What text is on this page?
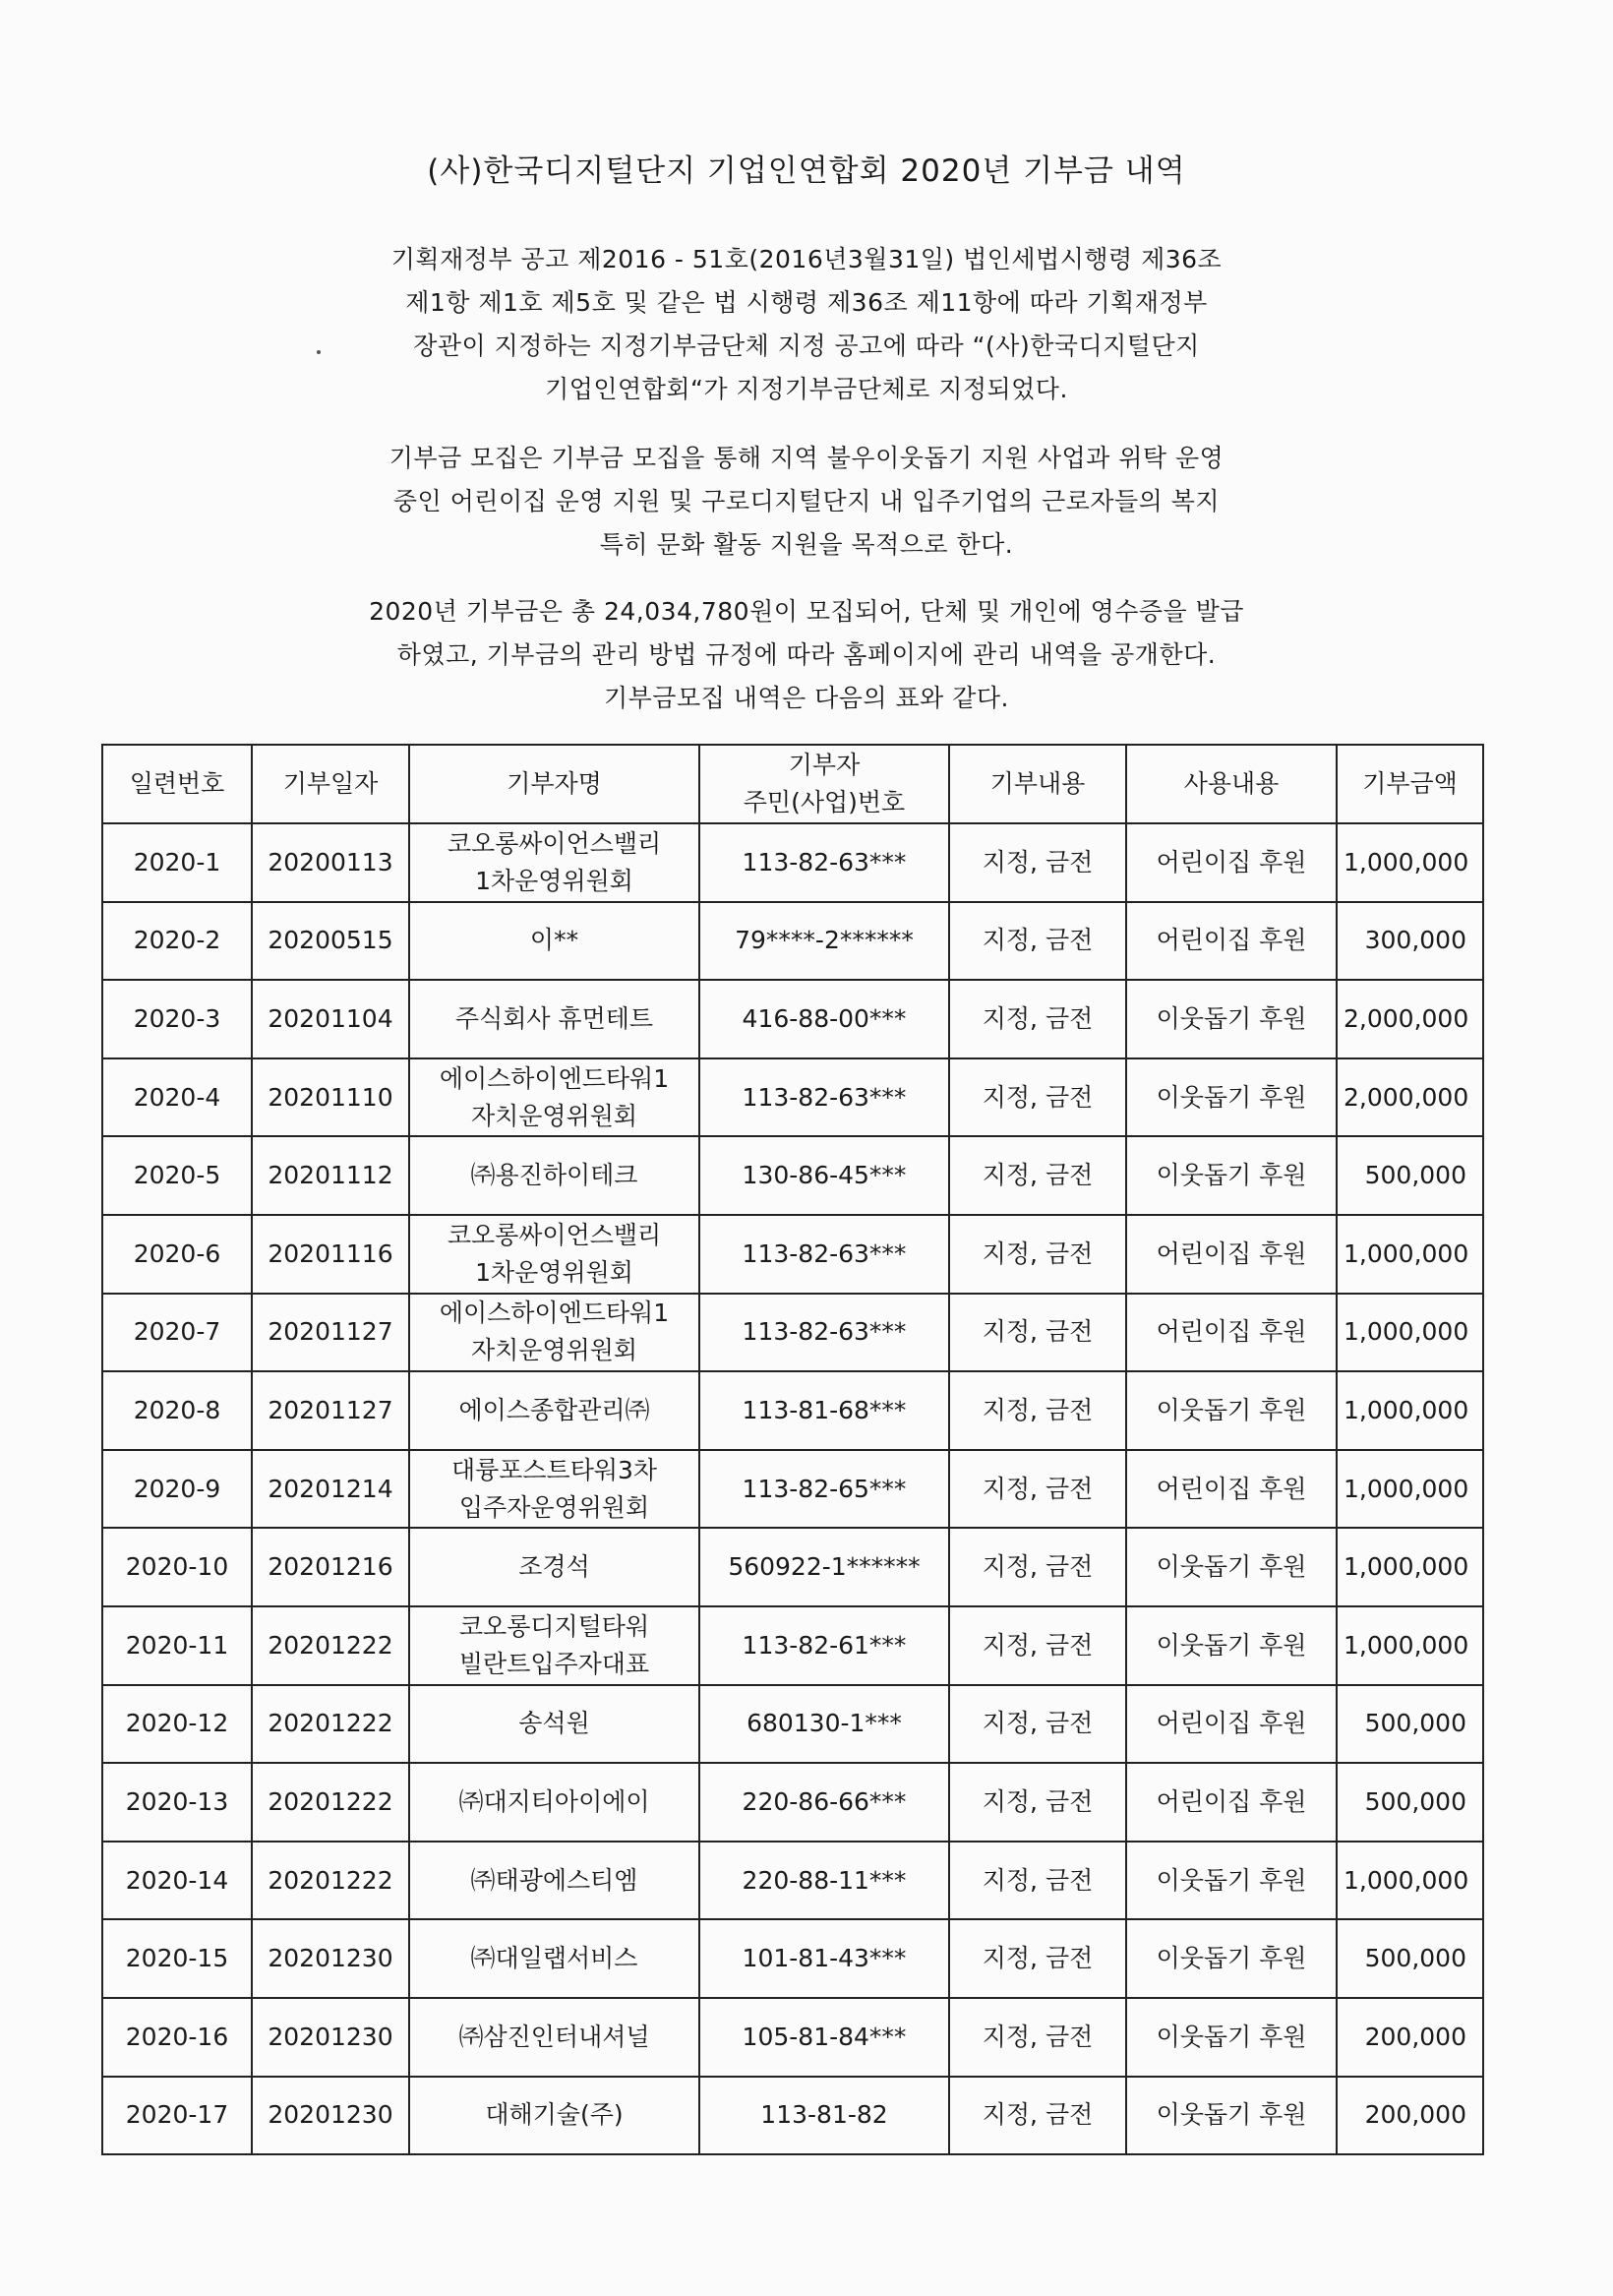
(사)한국디지털단지 기업인연합회 2020년 기부금 내역
기획재정부 공고 제2016 - 51호(2016년3월31일) 법인세법시행령 제36조
제1항 제1호 제5호 및 같은 법 시행령 제36조 제11항에 따라 기획재정부
장관이 지정하는 지정기부금단체 지정 공고에 따라 “(사)한국디지털단지
기업인연합회“가 지정기부금단체로 지정되었다.
기부금 모집은 기부금 모집을 통해 지역 불우이웃돕기 지원 사업과 위탁 운영
중인 어린이집 운영 지원 및 구로디지털단지 내 입주기업의 근로자들의 복지
특히 문화 활동 지원을 목적으로 한다.
2020년 기부금은 총 24,034,780원이 모집되어, 단체 및 개인에 영수증을 발급
하였고, 기부금의 관리 방법 규정에 따라 홈페이지에 관리 내역을 공개한다.
기부금모집 내역은 다음의 표와 같다.
일련번호	기부일자	기부자명	기부자
주민(사업)번호	기부내용	사용내용	기부금액
2020-1	20200113	코오롱싸이언스밸리
1차운영위원회	113-82-63***	지정, 금전	어린이집 후원	1,000,000
2020-2	20200515	이**	79****-2******	지정, 금전	어린이집 후원	300,000
2020-3	20201104	주식회사 휴먼테트	416-88-00***	지정, 금전	이웃돕기 후원	2,000,000
2020-4	20201110	에이스하이엔드타워1
자치운영위원회	113-82-63***	지정, 금전	이웃돕기 후원	2,000,000
2020-5	20201112	㈜용진하이테크	130-86-45***	지정, 금전	이웃돕기 후원	500,000
2020-6	20201116	코오롱싸이언스밸리
1차운영위원회	113-82-63***	지정, 금전	어린이집 후원	1,000,000
2020-7	20201127	에이스하이엔드타워1
자치운영위원회	113-82-63***	지정, 금전	어린이집 후원	1,000,000
2020-8	20201127	에이스종합관리㈜	113-81-68***	지정, 금전	이웃돕기 후원	1,000,000
2020-9	20201214	대륭포스트타워3차
입주자운영위원회	113-82-65***	지정, 금전	어린이집 후원	1,000,000
2020-10	20201216	조경석	560922-1******	지정, 금전	이웃돕기 후원	1,000,000
2020-11	20201222	코오롱디지털타워
빌란트입주자대표	113-82-61***	지정, 금전	이웃돕기 후원	1,000,000
2020-12	20201222	송석원	680130-1***	지정, 금전	어린이집 후원	500,000
2020-13	20201222	㈜대지티아이에이	220-86-66***	지정, 금전	어린이집 후원	500,000
2020-14	20201222	㈜태광에스티엠	220-88-11***	지정, 금전	이웃돕기 후원	1,000,000
2020-15	20201230	㈜대일랩서비스	101-81-43***	지정, 금전	이웃돕기 후원	500,000
2020-16	20201230	㈜삼진인터내셔널	105-81-84***	지정, 금전	이웃돕기 후원	200,000
2020-17	20201230	대해기술(주)	113-81-82	지정, 금전	이웃돕기 후원	200,000
